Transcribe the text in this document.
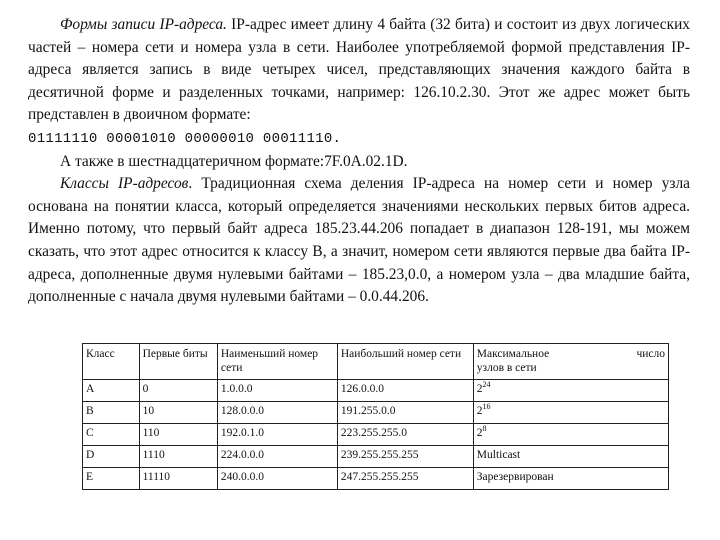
Формы записи IP-адреса. IP-адрес имеет длину 4 байта (32 бита) и состоит из двух логических частей – номера сети и номера узла в сети. Наиболее употребляемой формой представления IP-адреса является запись в виде четырех чисел, представляющих значения каждого байта в десятичной форме и разделенных точками, например: 126.10.2.30. Этот же адрес может быть представлен в двоичном формате:

01111110 00001010 00000010 00011110.

А также в шестнадцатеричном формате:7F.0A.02.1D.

Классы IP-адресов. Традиционная схема деления IP-адреса на номер сети и номер узла основана на понятии класса, который определяется значениями нескольких первых битов адреса. Именно потому, что первый байт адреса 185.23.44.206 попадает в диапазон 128-191, мы можем сказать, что этот адрес относится к классу В, а значит, номером сети являются первые два байта IP-адреса, дополненные двумя нулевыми байтами – 185.23,0.0, а номером узла – два младшие байта, дополненные с начала двумя нулевыми байтами – 0.0.44.206.

Класс	Первые биты	Наименьший номер сети	Наибольший номер сети	Максимальное число
узлов в сети

A	0	1.0.0.0	126.0.0.0	$2^{24}$
B	10	128.0.0.0	191.255.0.0	$2^{16}$
C	110	192.0.1.0	223.255.255.0	$2^8$
D	1110	224.0.0.0	239.255.255.255	Multicast
E	11110	240.0.0.0	247.255.255.255	Зарезервирован
